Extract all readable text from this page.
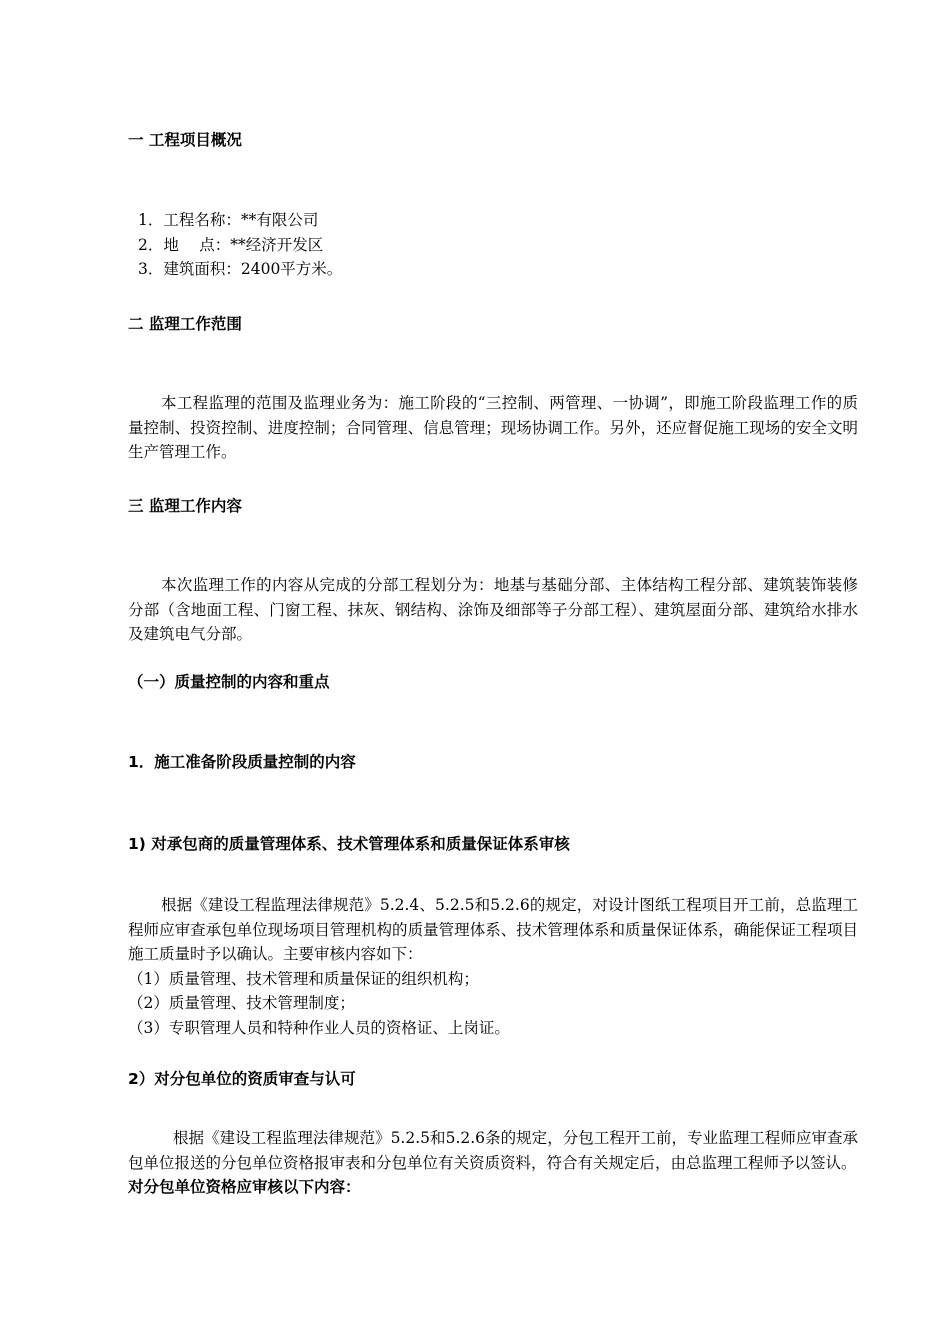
一 工程项目概况
1．工程名称：**有限公司
2．地　 点：**经济开发区
3．建筑面积：2400平方米。
二 监理工作范围

本工程监理的范围及监理业务为：施工阶段的“三控制、两管理、一协调”，即施工阶段监理工作的质量控制、投资控制、进度控制；合同管理、信息管理；现场协调工作。另外，还应督促施工现场的安全文明生产管理工作。

三 监理工作内容

本次监理工作的内容从完成的分部工程划分为：地基与基础分部、主体结构工程分部、建筑装饰装修分部（含地面工程、门窗工程、抹灰、钢结构、涂饰及细部等子分部工程）、建筑屋面分部、建筑给水排水及建筑电气分部。

（一）质量控制的内容和重点
1．施工准备阶段质量控制的内容
1) 对承包商的质量管理体系、技术管理体系和质量保证体系审核

根据《建设工程监理法律规范》5.2.4、5.2.5和5.2.6的规定，对设计图纸工程项目开工前，总监理工程师应审查承包单位现场项目管理机构的质量管理体系、技术管理体系和质量保证体系，确能保证工程项目施工质量时予以确认。主要审核内容如下：

（1）质量管理、技术管理和质量保证的组织机构；
（2）质量管理、技术管理制度；
（3）专职管理人员和特种作业人员的资格证、上岗证。
2）对分包单位的资质审查与认可

根据《建设工程监理法律规范》5.2.5和5.2.6条的规定，分包工程开工前，专业监理工程师应审查承包单位报送的分包单位资格报审表和分包单位有关资质资料，符合有关规定后，由总监理工程师予以签认。

对分包单位资格应审核以下内容：
